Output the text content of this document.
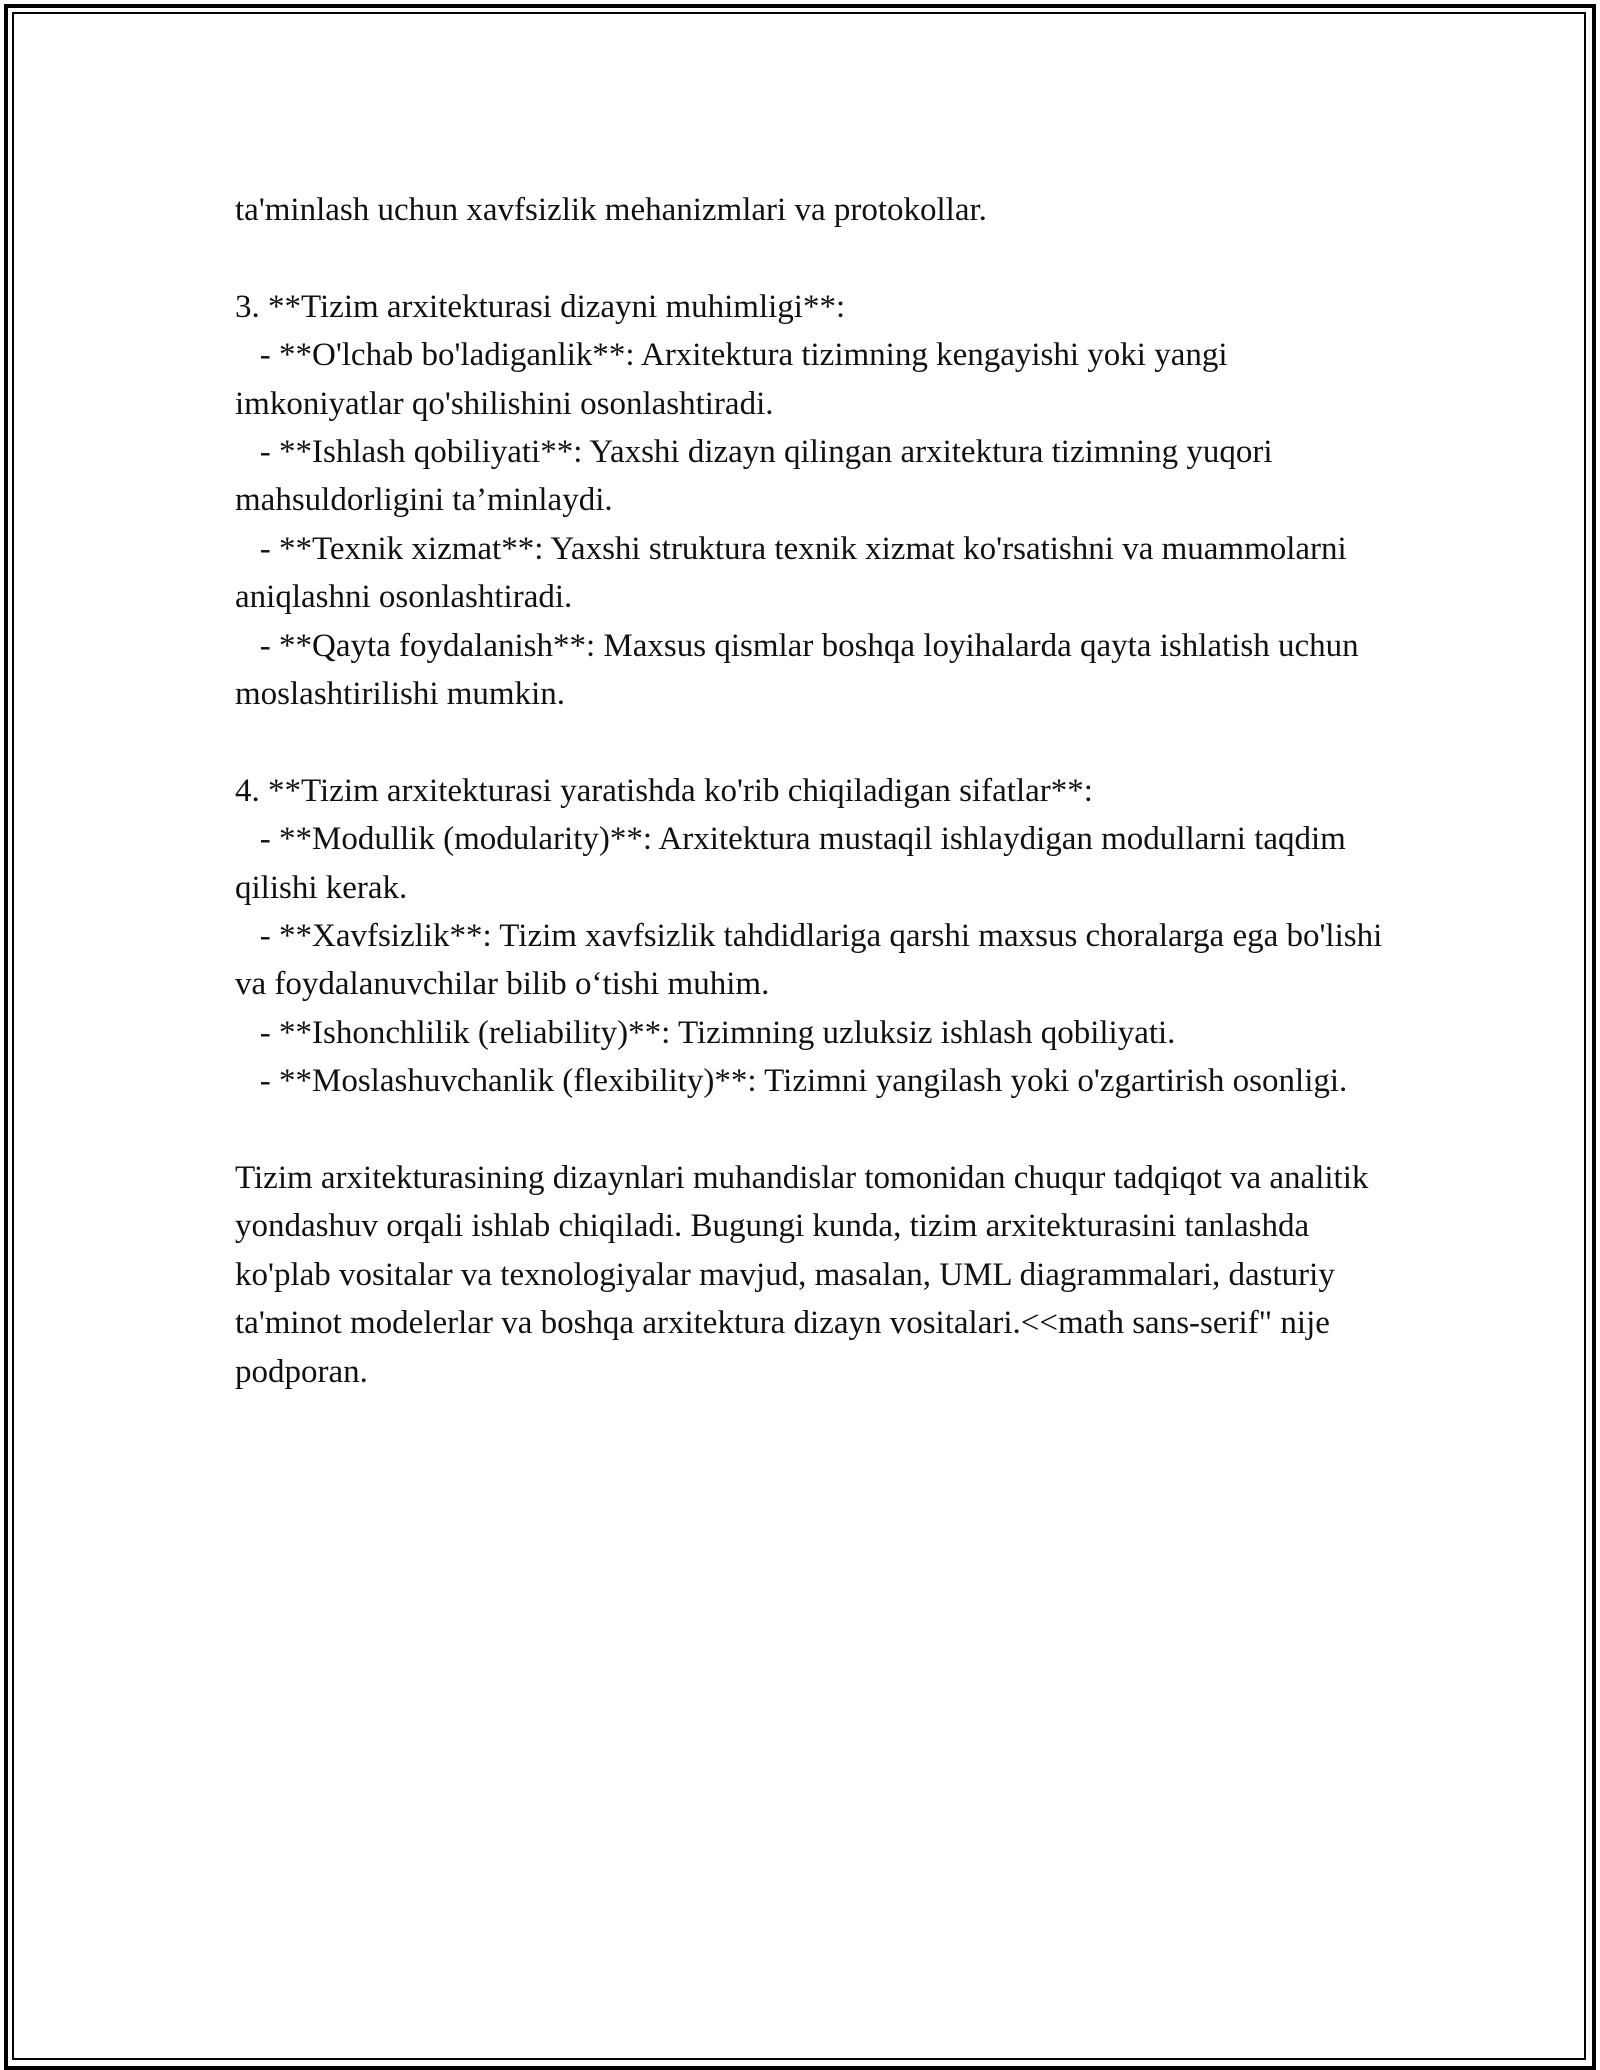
ta'minlash uchun xavfsizlik mehanizmlari va protokollar.

3. **Tizim arxitekturasi dizayni muhimligi**:

- **O'lchab bo'ladiganlik**: Arxitektura tizimning kengayishi yoki yangi imkoniyatlar qo'shilishini osonlashtiradi.

- **Ishlash qobiliyati**: Yaxshi dizayn qilingan arxitektura tizimning yuqori mahsuldorligini ta’minlaydi.

- **Texnik xizmat**: Yaxshi struktura texnik xizmat ko'rsatishni va muammolarni aniqlashni osonlashtiradi.

- **Qayta foydalanish**: Maxsus qismlar boshqa loyihalarda qayta ishlatish uchun moslashtirilishi mumkin.

4. **Tizim arxitekturasi yaratishda ko'rib chiqiladigan sifatlar**:

- **Modullik (modularity)**: Arxitektura mustaqil ishlaydigan modullarni taqdim qilishi kerak.

- **Xavfsizlik**: Tizim xavfsizlik tahdidlariga qarshi maxsus choralarga ega bo'lishi va foydalanuvchilar bilib o‘tishi muhim.

- **Ishonchlilik (reliability)**: Tizimning uzluksiz ishlash qobiliyati.

- **Moslashuvchanlik (flexibility)**: Tizimni yangilash yoki o'zgartirish osonligi.

Tizim arxitekturasining dizaynlari muhandislar tomonidan chuqur tadqiqot va analitik yondashuv orqali ishlab chiqiladi. Bugungi kunda, tizim arxitekturasini tanlashda ko'plab vositalar va texnologiyalar mavjud, masalan, UML diagrammalari, dasturiy ta'minot modelerlar va boshqa arxitektura dizayn vositalari.<<math sans-serif" nije podporan.
